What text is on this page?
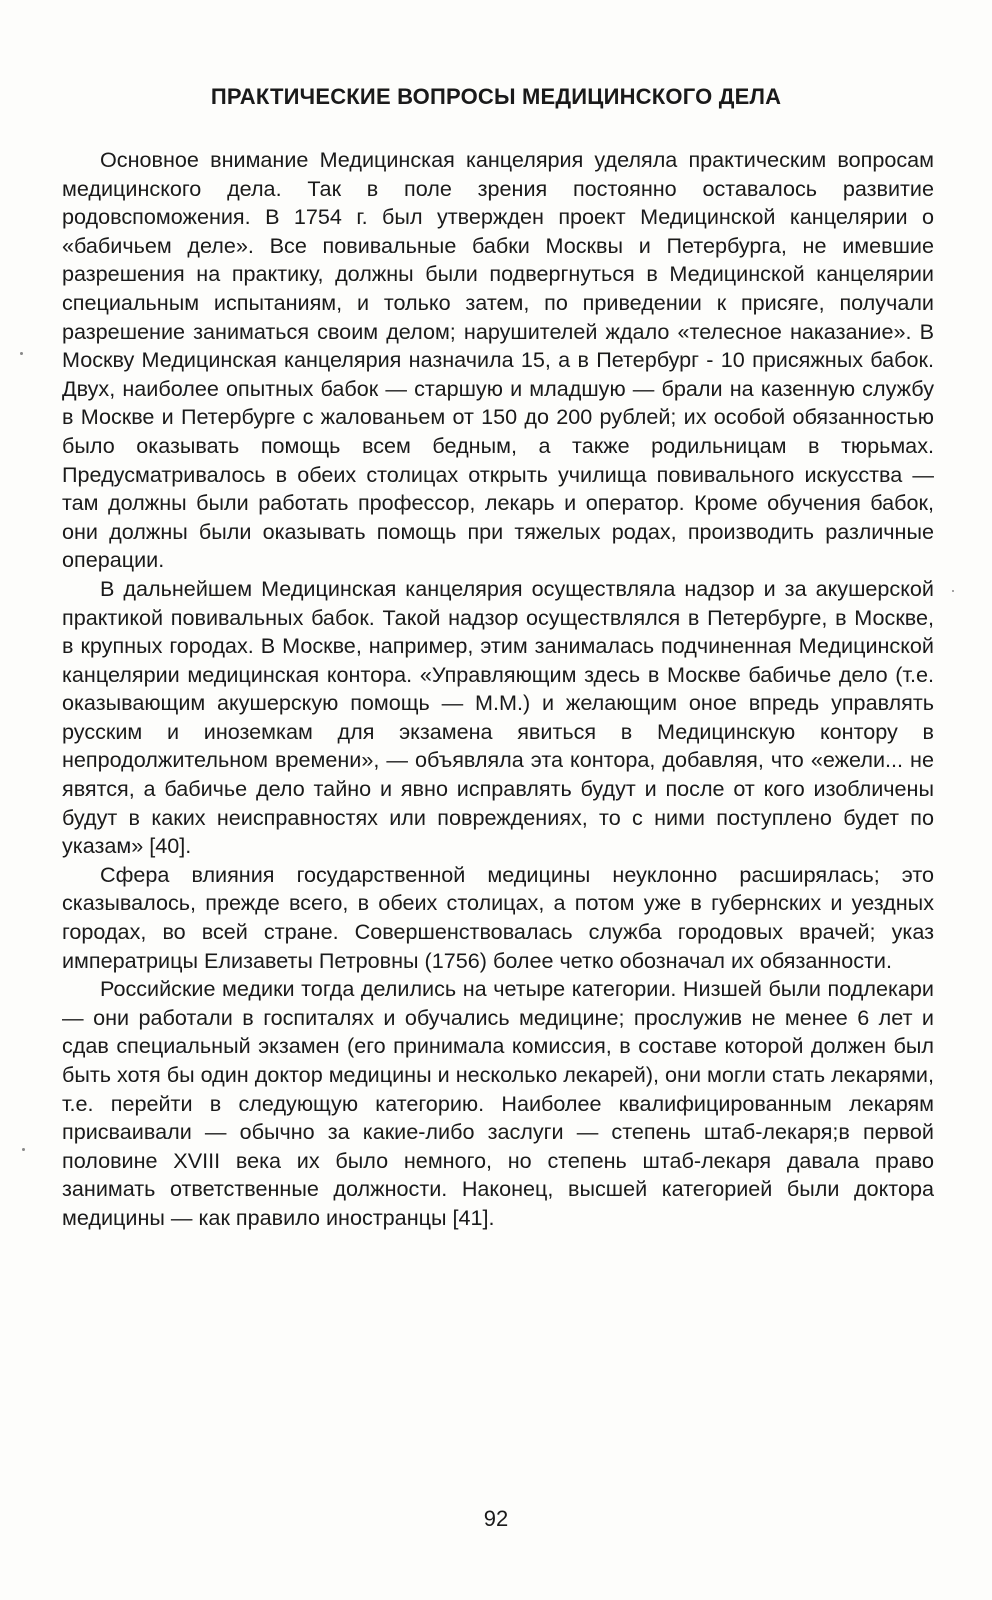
ПРАКТИЧЕСКИЕ ВОПРОСЫ МЕДИЦИНСКОГО ДЕЛА

Основное внимание Медицинская канцелярия уделяла практическим вопросам медицинского дела. Так в поле зрения постоянно оставалось развитие родовспоможения. В 1754 г. был утвержден проект Медицинской канцелярии о «бабичьем деле». Все повивальные бабки Москвы и Петербурга, не имевшие разрешения на практику, должны были подвергнуться в Медицинской канцелярии специальным испытаниям, и только затем, по приведении к присяге, получали разрешение заниматься своим делом; нарушителей ждало «телесное наказание». В Москву Медицинская канцелярия назначила 15, а в Петербург - 10 присяжных бабок. Двух, наиболее опытных бабок — старшую и младшую — брали на казенную службу в Москве и Петербурге с жалованьем от 150 до 200 рублей; их особой обязанностью было оказывать помощь всем бедным, а также родильницам в тюрьмах. Предусматривалось в обеих столицах открыть училища повивального искусства — там должны были работать профессор, лекарь и оператор. Кроме обучения бабок, они должны были оказывать помощь при тяжелых родах, производить различные операции.

В дальнейшем Медицинская канцелярия осуществляла надзор и за акушерской практикой повивальных бабок. Такой надзор осуществлялся в Петербурге, в Москве, в крупных городах. В Москве, например, этим занималась подчиненная Медицинской канцелярии медицинская контора. «Управляющим здесь в Москве бабичье дело (т.е. оказывающим акушерскую помощь — М.М.) и желающим оное впредь управлять русским и иноземкам для экзамена явиться в Медицинскую контору в непродолжительном времени», — объявляла эта контора, добавляя, что «ежели... не явятся, а бабичье дело тайно и явно исправлять будут и после от кого изобличены будут в каких неисправностях или повреждениях, то с ними поступлено будет по указам» [40].

Сфера влияния государственной медицины неуклонно расширялась; это сказывалось, прежде всего, в обеих столицах, а потом уже в губернских и уездных городах, во всей стране. Совершенствовалась служба городовых врачей; указ императрицы Елизаветы Петровны (1756) более четко обозначал их обязанности.

Российские медики тогда делились на четыре категории. Низшей были подлекари — они работали в госпиталях и обучались медицине; прослужив не менее 6 лет и сдав специальный экзамен (его принимала комиссия, в составе которой должен был быть хотя бы один доктор медицины и несколько лекарей), они могли стать лекарями, т.е. перейти в следующую категорию. Наиболее квалифицированным лекарям присваивали — обычно за какие-либо заслуги — степень штаб-лекаря;в первой половине XVIII века их было немного, но степень штаб-лекаря давала право занимать ответственные должности. Наконец, высшей категорией были доктора медицины — как правило иностранцы [41].

92
